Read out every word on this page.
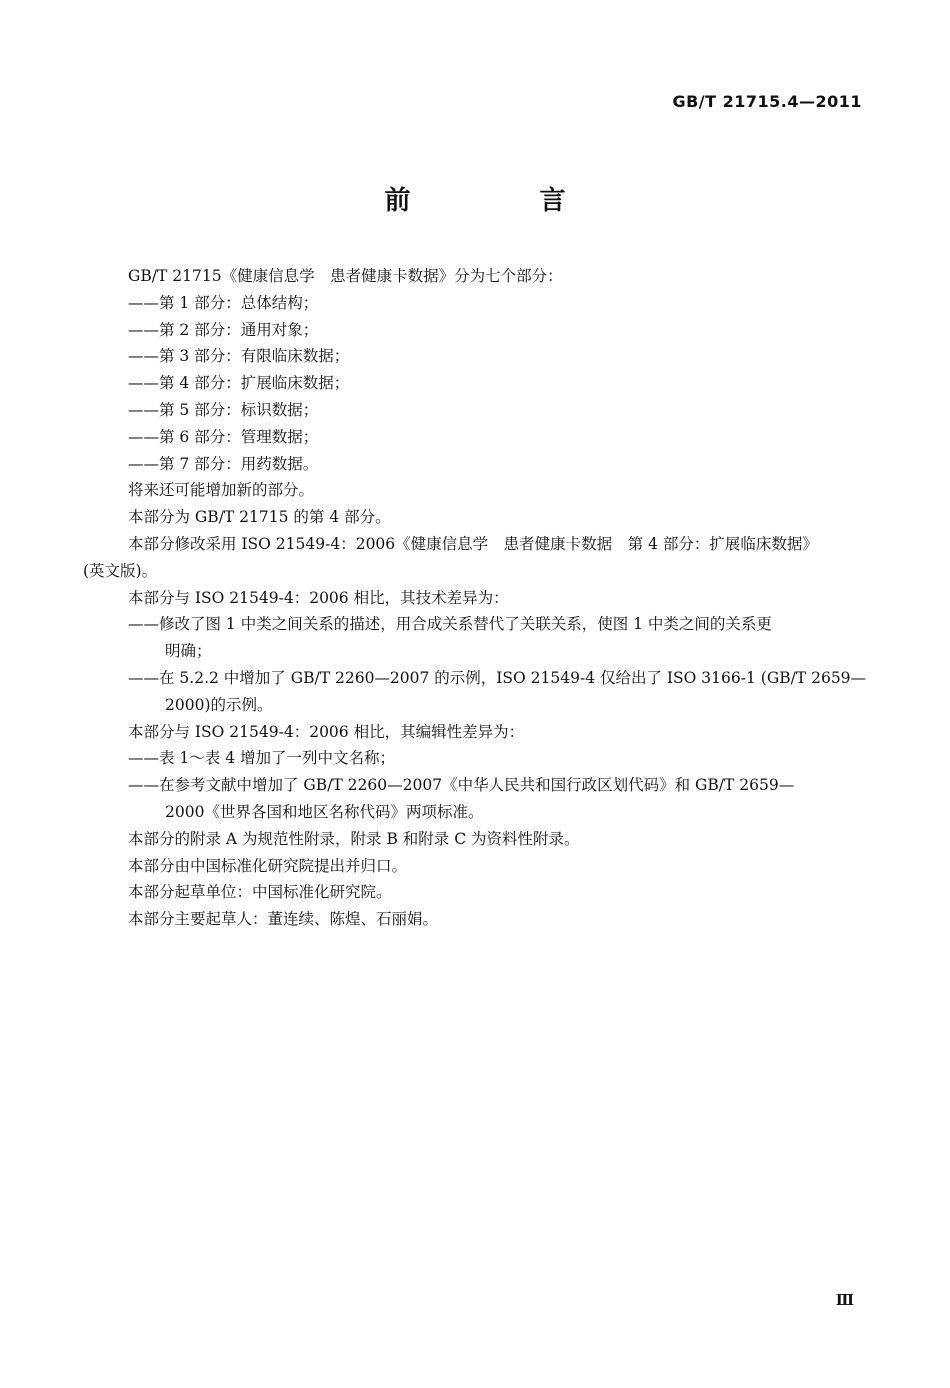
GB/T 21715.4—2011
前 言

GB/T 21715《健康信息学　患者健康卡数据》分为七个部分：

——第 1 部分：总体结构；

——第 2 部分：通用对象；

——第 3 部分：有限临床数据；

——第 4 部分：扩展临床数据；

——第 5 部分：标识数据；

——第 6 部分：管理数据；

——第 7 部分：用药数据。

将来还可能增加新的部分。

本部分为 GB/T 21715 的第 4 部分。

本部分修改采用 ISO 21549-4：2006《健康信息学　患者健康卡数据　第 4 部分：扩展临床数据》

(英文版)。

本部分与 ISO 21549-4：2006 相比，其技术差异为：

——修改了图 1 中类之间关系的描述，用合成关系替代了关联关系，使图 1 中类之间的关系更

明确；

——在 5.2.2 中增加了 GB/T 2260—2007 的示例，ISO 21549-4 仅给出了 ISO 3166-1 (GB/T 2659—

2000)的示例。

本部分与 ISO 21549-4：2006 相比，其编辑性差异为：

——表 1～表 4 增加了一列中文名称；

——在参考文献中增加了 GB/T 2260—2007《中华人民共和国行政区划代码》和 GB/T 2659—

2000《世界各国和地区名称代码》两项标准。

本部分的附录 A 为规范性附录，附录 B 和附录 C 为资料性附录。

本部分由中国标准化研究院提出并归口。

本部分起草单位：中国标准化研究院。

本部分主要起草人：董连续、陈煌、石丽娟。

Ⅲ
